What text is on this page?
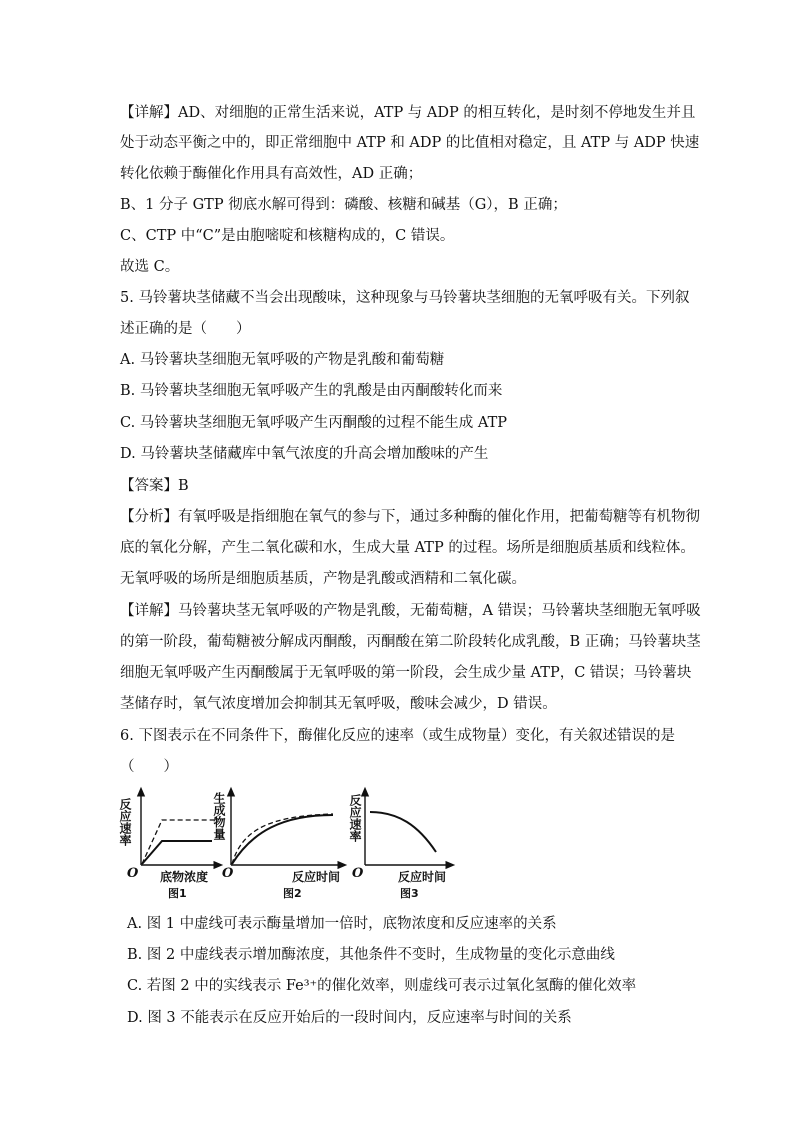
【详解】AD、对细胞的正常生活来说，ATP 与 ADP 的相互转化，是时刻不停地发生并且
处于动态平衡之中的，即正常细胞中 ATP 和 ADP 的比值相对稳定，且 ATP 与 ADP 快速
转化依赖于酶催化作用具有高效性，AD 正确；
B、1 分子 GTP 彻底水解可得到：磷酸、核糖和碱基（G），B 正确；
C、CTP 中“C”是由胞嘧啶和核糖构成的，C 错误。
故选 C。
5. 马铃薯块茎储藏不当会出现酸味，这种现象与马铃薯块茎细胞的无氧呼吸有关。下列叙
述正确的是（　　）
A. 马铃薯块茎细胞无氧呼吸的产物是乳酸和葡萄糖
B. 马铃薯块茎细胞无氧呼吸产生的乳酸是由丙酮酸转化而来
C. 马铃薯块茎细胞无氧呼吸产生丙酮酸的过程不能生成 ATP
D. 马铃薯块茎储藏库中氧气浓度的升高会增加酸味的产生
【答案】B
【分析】有氧呼吸是指细胞在氧气的参与下，通过多种酶的催化作用，把葡萄糖等有机物彻
底的氧化分解，产生二氧化碳和水，生成大量 ATP 的过程。场所是细胞质基质和线粒体。
无氧呼吸的场所是细胞质基质，产物是乳酸或酒精和二氧化碳。
【详解】马铃薯块茎无氧呼吸的产物是乳酸，无葡萄糖，A 错误；马铃薯块茎细胞无氧呼吸
的第一阶段，葡萄糖被分解成丙酮酸，丙酮酸在第二阶段转化成乳酸，B 正确；马铃薯块茎
细胞无氧呼吸产生丙酮酸属于无氧呼吸的第一阶段，会生成少量 ATP，C 错误；马铃薯块
茎储存时，氧气浓度增加会抑制其无氧呼吸，酸味会减少，D 错误。
6. 下图表示在不同条件下，酶催化反应的速率（或生成物量）变化，有关叙述错误的是
（　　）
反应速率
O 底物浓度
图1
生成物量
O	反应时间
图2
反应速率
O	反应时间
图3
A. 图 1 中虚线可表示酶量增加一倍时，底物浓度和反应速率的关系
B. 图 2 中虚线表示增加酶浓度，其他条件不变时，生成物量的变化示意曲线
C. 若图 2 中的实线表示 Fe³⁺的催化效率，则虚线可表示过氧化氢酶的催化效率
D. 图 3 不能表示在反应开始后的一段时间内，反应速率与时间的关系
